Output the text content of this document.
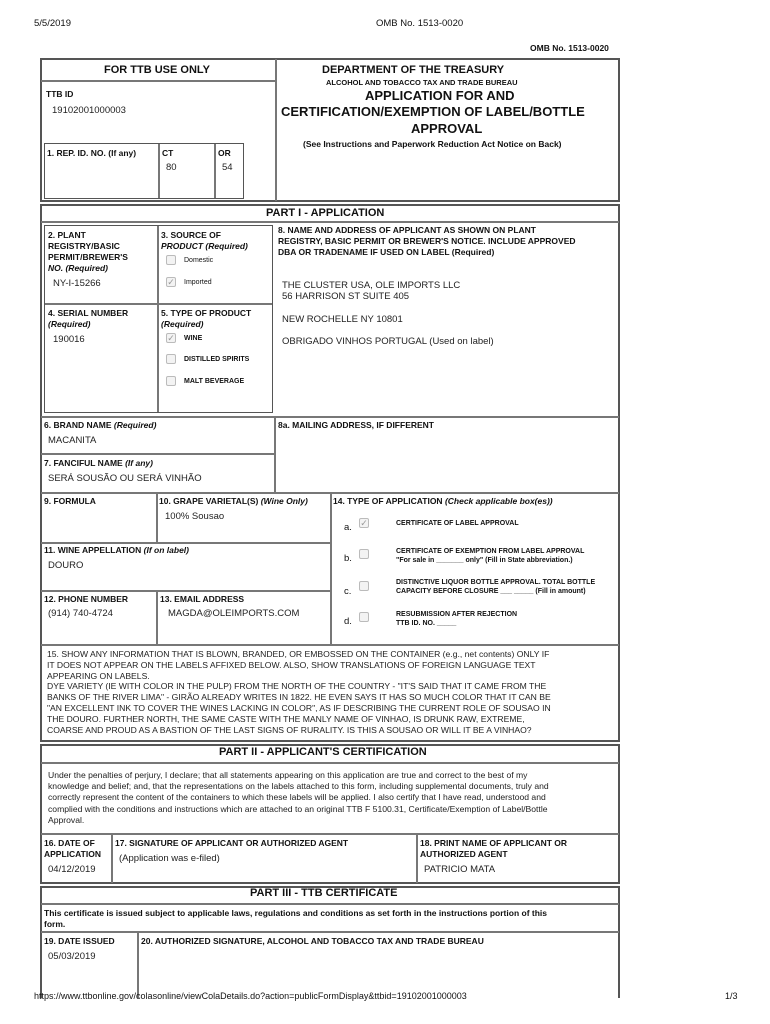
5/5/2019	OMB No. 1513-0020
OMB No. 1513-0020
FOR TTB USE ONLY
TTB ID
19102001000003
1. REP. ID. NO. (If any)	CT
80
OR
54
DEPARTMENT OF THE TREASURY
ALCOHOL AND TOBACCO TAX AND TRADE BUREAU
APPLICATION FOR AND
CERTIFICATION/EXEMPTION OF LABEL/BOTTLE
APPROVAL
(See Instructions and Paperwork Reduction Act Notice on Back)
PART I - APPLICATION
2. PLANT
REGISTRY/BASIC
PERMIT/BREWER'S
NO. (Required)
NY-I-15266
3. SOURCE OF
PRODUCT (Required)
Domestic
✓ Imported
4. SERIAL NUMBER
(Required)
190016
5. TYPE OF PRODUCT
(Required)
✓ WINE
DISTILLED SPIRITS
MALT BEVERAGE
8. NAME AND ADDRESS OF APPLICANT AS SHOWN ON PLANT
REGISTRY, BASIC PERMIT OR BREWER'S NOTICE. INCLUDE APPROVED
DBA OR TRADENAME IF USED ON LABEL (Required)
THE CLUSTER USA, OLE IMPORTS LLC
56 HARRISON ST SUITE 405
NEW ROCHELLE NY 10801
OBRIGADO VINHOS PORTUGAL (Used on label)
6. BRAND NAME (Required)
MACANITA
8a. MAILING ADDRESS, IF DIFFERENT
7. FANCIFUL NAME (If any)
SERÁ SOUSÃO OU SERÁ VINHÃO
9. FORMULA	10. GRAPE VARIETAL(S) (Wine Only)
100% Sousao
11. WINE APPELLATION (If on label)
DOURO
12. PHONE NUMBER
(914) 740-4724
13. EMAIL ADDRESS
MAGDA@OLEIMPORTS.COM
14. TYPE OF APPLICATION (Check applicable box(es))
a. ✓	CERTIFICATE OF LABEL APPROVAL
b.
CERTIFICATE OF EXEMPTION FROM LABEL APPROVAL
"For sale in _______ only" (Fill in State abbreviation.)
c.
DISTINCTIVE LIQUOR BOTTLE APPROVAL. TOTAL BOTTLE
CAPACITY BEFORE CLOSURE ___ _____ (Fill in amount)
d.
RESUBMISSION AFTER REJECTION
TTB ID. NO. _____
15. SHOW ANY INFORMATION THAT IS BLOWN, BRANDED, OR EMBOSSED ON THE CONTAINER (e.g., net contents) ONLY IF
IT DOES NOT APPEAR ON THE LABELS AFFIXED BELOW. ALSO, SHOW TRANSLATIONS OF FOREIGN LANGUAGE TEXT
APPEARING ON LABELS.
DYE VARIETY (IE WITH COLOR IN THE PULP) FROM THE NORTH OF THE COUNTRY - "IT'S SAID THAT IT CAME FROM THE
BANKS OF THE RIVER LIMA" - GIRÃO ALREADY WRITES IN 1822. HE EVEN SAYS IT HAS SO MUCH COLOR THAT IT CAN BE
"AN EXCELLENT INK TO COVER THE WINES LACKING IN COLOR", AS IF DESCRIBING THE CURRENT ROLE OF SOUSAO IN
THE DOURO. FURTHER NORTH, THE SAME CASTE WITH THE MANLY NAME OF VINHAO, IS DRUNK RAW, EXTREME,
COARSE AND PROUD AS A BASTION OF THE LAST SIGNS OF RURALITY. IS THIS A SOUSAO OR WILL IT BE A VINHAO?
PART II - APPLICANT'S CERTIFICATION
Under the penalties of perjury, I declare; that all statements appearing on this application are true and correct to the best of my
knowledge and belief; and, that the representations on the labels attached to this form, including supplemental documents, truly and
correctly represent the content of the containers to which these labels will be applied. I also certify that I have read, understood and
complied with the conditions and instructions which are attached to an original TTB F 5100.31, Certificate/Exemption of Label/Bottle
Approval.
16. DATE OF
APPLICATION
04/12/2019
17. SIGNATURE OF APPLICANT OR AUTHORIZED AGENT
(Application was e-filed)
18. PRINT NAME OF APPLICANT OR
AUTHORIZED AGENT
PATRICIO MATA
PART III - TTB CERTIFICATE
This certificate is issued subject to applicable laws, regulations and conditions as set forth in the instructions portion of this
form.
19. DATE ISSUED
05/03/2019
20. AUTHORIZED SIGNATURE, ALCOHOL AND TOBACCO TAX AND TRADE BUREAU
https://www.ttbonline.gov/colasonline/viewColaDetails.do?action=publicFormDisplay&ttbid=19102001000003	1/3
